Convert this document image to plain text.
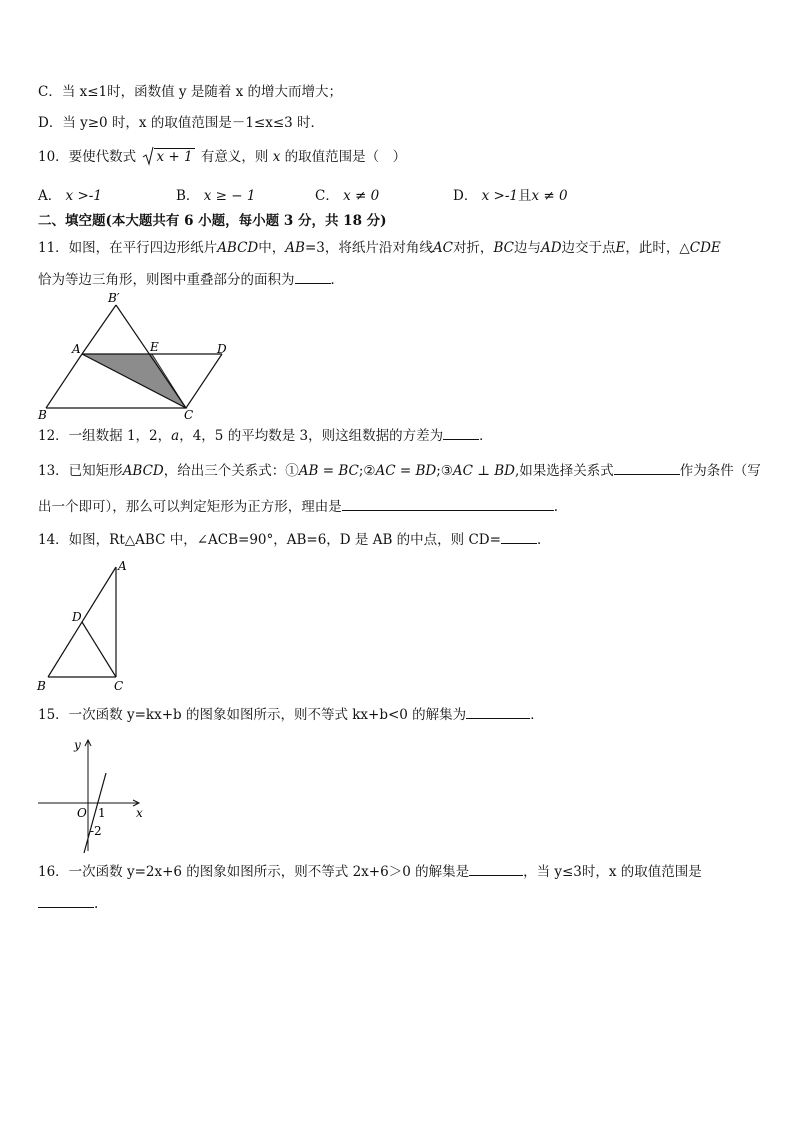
C．当 x≤1时，函数值 y 是随着 x 的增大而增大；
D．当 y≥0 时，x 的取值范围是－1≤x≤3 时．
10．要使代数式 x + 1 有意义，则 x 的取值范围是（　）
A． x >-1	B． x ≥ − 1	C． x ≠ 0	D． x >-1且x ≠ 0
二、填空题(本大题共有 6 小题，每小题 3 分，共 18 分)
11．如图，在平行四边形纸片ABCD中，AB=3，将纸片沿对角线AC对折，BC边与AD边交于点E，此时，△CDE
恰为等边三角形，则图中重叠部分的面积为	．
B′
A	E	D
B	C
12．一组数据 1，2，a，4，5 的平均数是 3，则这组数据的方差为	．
13．已知矩形ABCD，给出三个关系式：①AB = BC;②AC = BD;③AC ⊥ BD,如果选择关系式	作为条件（写
出一个即可），那么可以判定矩形为正方形，理由是	.
14．如图，Rt△ABC 中，∠ACB=90°，AB=6，D 是 AB 的中点，则 CD=	．
A
D
B	C
15．一次函数 y=kx+b 的图象如图所示，则不等式 kx+b<0 的解集为	．
y
x
O 1
-2
16．一次函数 y=2x+6 的图象如图所示，则不等式 2x+6＞0 的解集是	，当 y≤3时，x 的取值范围是
.
